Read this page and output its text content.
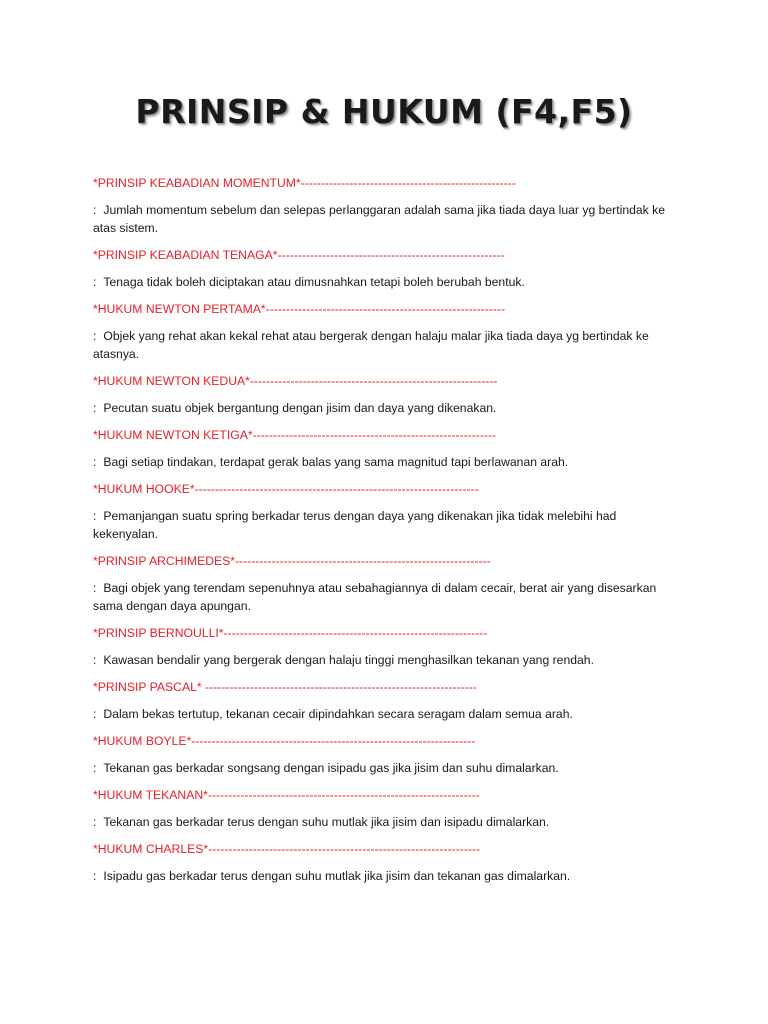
PRINSIP & HUKUM (F4,F5)
*PRINSIP KEABADIAN MOMENTUM*-----------------------------------------------------
: Jumlah momentum sebelum dan selepas perlanggaran adalah sama jika tiada daya luar yg bertindak ke atas sistem.
*PRINSIP KEABADIAN TENAGA*--------------------------------------------------------
: Tenaga tidak boleh diciptakan atau dimusnahkan tetapi boleh berubah bentuk.
*HUKUM NEWTON PERTAMA*-----------------------------------------------------------
: Objek yang rehat akan kekal rehat atau bergerak dengan halaju malar jika tiada daya yg bertindak ke atasnya.
*HUKUM NEWTON KEDUA*-------------------------------------------------------------
: Pecutan suatu objek bergantung dengan jisim dan daya yang dikenakan.
*HUKUM NEWTON KETIGA*------------------------------------------------------------
: Bagi setiap tindakan, terdapat gerak balas yang sama magnitud tapi berlawanan arah.
*HUKUM HOOKE*----------------------------------------------------------------------
: Pemanjangan suatu spring berkadar terus dengan daya yang dikenakan jika tidak melebihi had kekenyalan.
*PRINSIP ARCHIMEDES*---------------------------------------------------------------
: Bagi objek yang terendam sepenuhnya atau sebahagiannya di dalam cecair, berat air yang disesarkan sama dengan daya apungan.
*PRINSIP BERNOULLI*-----------------------------------------------------------------
: Kawasan bendalir yang bergerak dengan halaju tinggi menghasilkan tekanan yang rendah.
*PRINSIP PASCAL* -------------------------------------------------------------------
: Dalam bekas tertutup, tekanan cecair dipindahkan secara seragam dalam semua arah.
*HUKUM BOYLE*----------------------------------------------------------------------
: Tekanan gas berkadar songsang dengan isipadu gas jika jisim dan suhu dimalarkan.
*HUKUM TEKANAN*-------------------------------------------------------------------
: Tekanan gas berkadar terus dengan suhu mutlak jika jisim dan isipadu dimalarkan.
*HUKUM CHARLES*-------------------------------------------------------------------
: Isipadu gas berkadar terus dengan suhu mutlak jika jisim dan tekanan gas dimalarkan.
